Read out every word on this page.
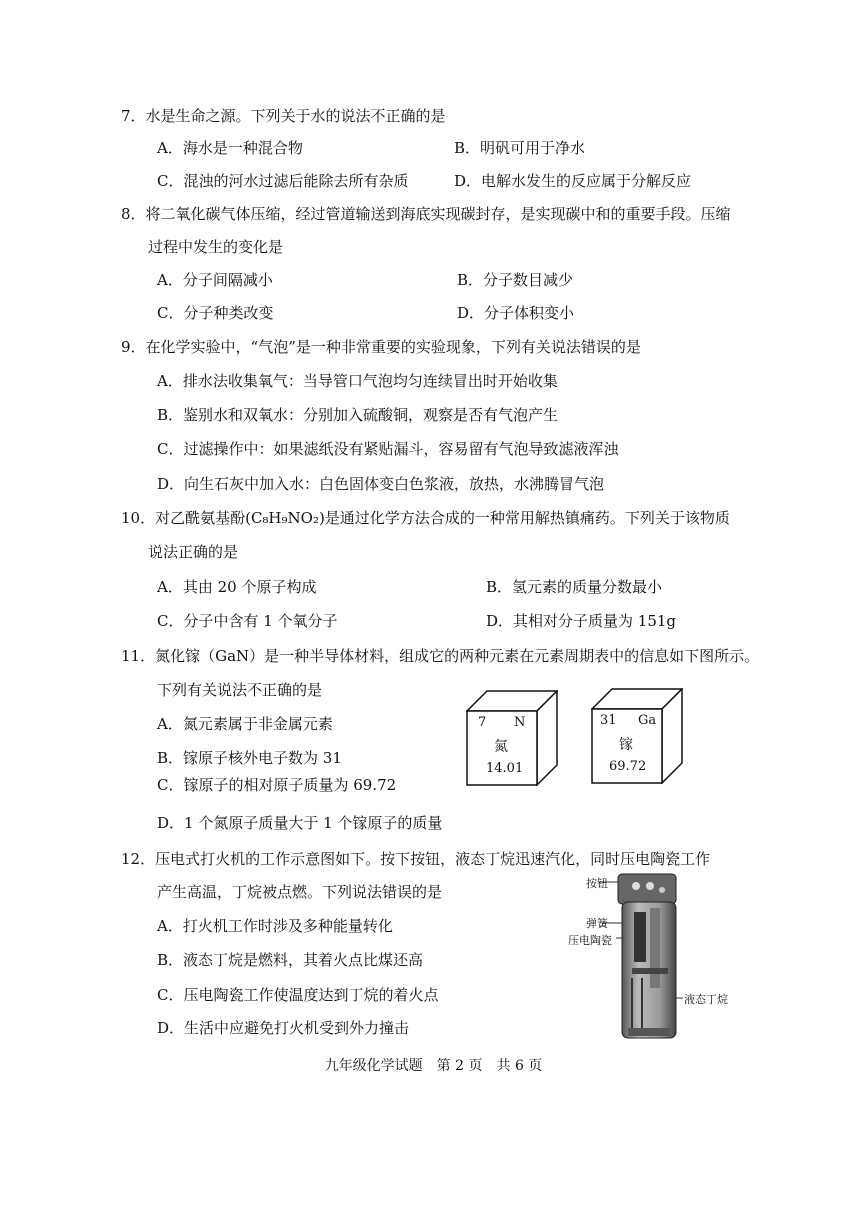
7．水是生命之源。下列关于水的说法不正确的是
A．海水是一种混合物	B．明矾可用于净水
C．混浊的河水过滤后能除去所有杂质	D．电解水发生的反应属于分解反应
8．将二氧化碳气体压缩，经过管道输送到海底实现碳封存，是实现碳中和的重要手段。压缩
过程中发生的变化是
A．分子间隔减小	B．分子数目减少
C．分子种类改变	D．分子体积变小
9．在化学实验中，“气泡”是一种非常重要的实验现象，下列有关说法错误的是
A．排水法收集氧气：当导管口气泡均匀连续冒出时开始收集
B．鉴别水和双氧水：分别加入硫酸铜，观察是否有气泡产生
C．过滤操作中：如果滤纸没有紧贴漏斗，容易留有气泡导致滤液浑浊
D．向生石灰中加入水：白色固体变白色浆液，放热，水沸腾冒气泡
10．对乙酰氨基酚(C₈H₉NO₂)是通过化学方法合成的一种常用解热镇痛药。下列关于该物质
说法正确的是
A．其由 20 个原子构成	B．氢元素的质量分数最小
C．分子中含有 1 个氧分子	D．其相对分子质量为 151g
11．氮化镓（GaN）是一种半导体材料，组成它的两种元素在元素周期表中的信息如下图所示。
下列有关说法不正确的是
A．氮元素属于非金属元素
B．镓原子核外电子数为 31
C．镓原子的相对原子质量为 69.72
D．1 个氮原子质量大于 1 个镓原子的质量
7 N
氮
14.01
31 Ga
镓
69.72
12．压电式打火机的工作示意图如下。按下按钮，液态丁烷迅速汽化，同时压电陶瓷工作
产生高温，丁烷被点燃。下列说法错误的是
A．打火机工作时涉及多种能量转化
B．液态丁烷是燃料，其着火点比煤还高
C．压电陶瓷工作使温度达到丁烷的着火点
D．生活中应避免打火机受到外力撞击
按钮
弹簧
压电陶瓷
液态丁烷
九年级化学试题　第 2 页　共 6 页
